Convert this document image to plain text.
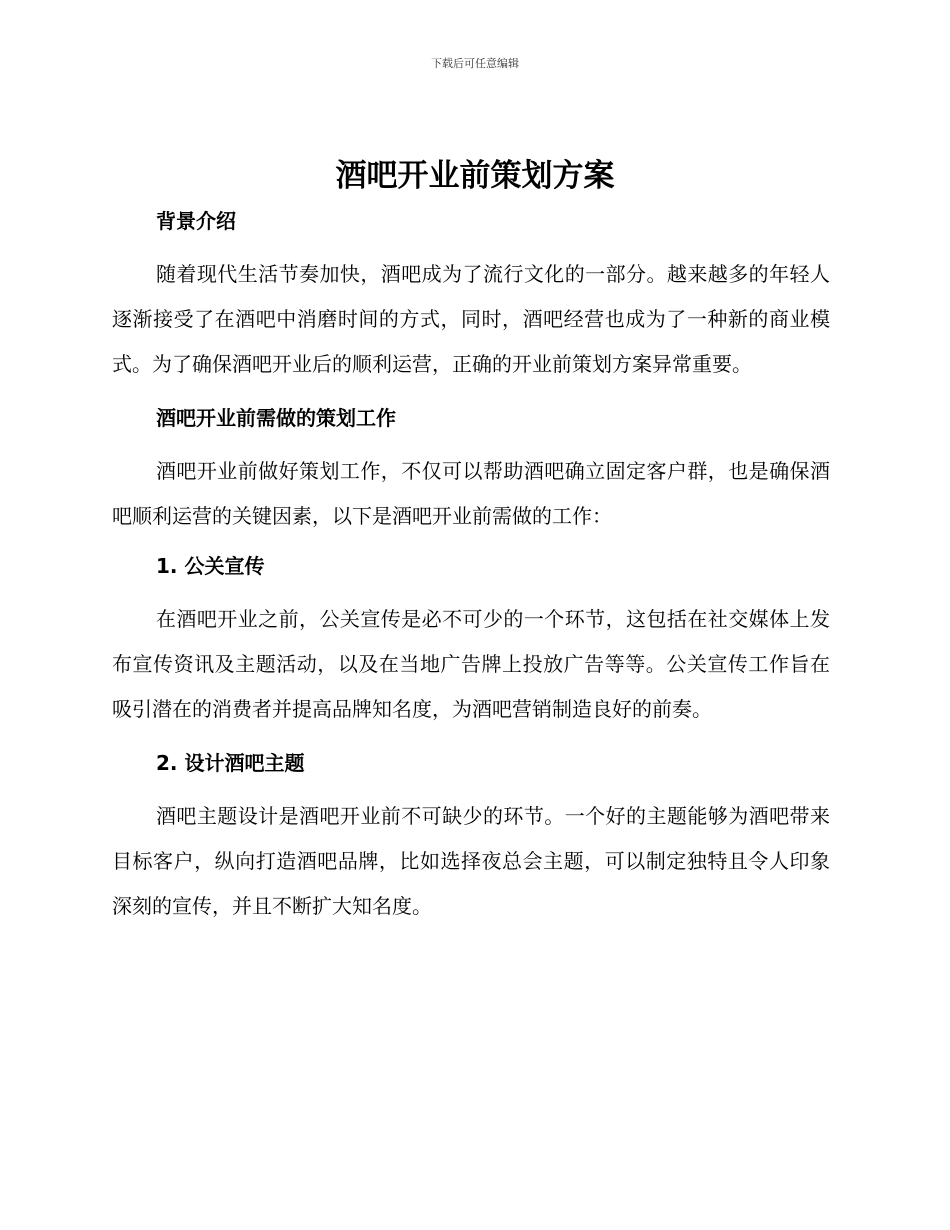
下载后可任意编辑
酒吧开业前策划方案
背景介绍

随着现代生活节奏加快，酒吧成为了流行文化的一部分。越来越多的年轻人逐渐接受了在酒吧中消磨时间的方式，同时，酒吧经营也成为了一种新的商业模式。为了确保酒吧开业后的顺利运营，正确的开业前策划方案异常重要。

酒吧开业前需做的策划工作

酒吧开业前做好策划工作，不仅可以帮助酒吧确立固定客户群，也是确保酒吧顺利运营的关键因素，以下是酒吧开业前需做的工作：

1. 公关宣传

在酒吧开业之前，公关宣传是必不可少的一个环节，这包括在社交媒体上发布宣传资讯及主题活动，以及在当地广告牌上投放广告等等。公关宣传工作旨在吸引潜在的消费者并提高品牌知名度，为酒吧营销制造良好的前奏。

2. 设计酒吧主题

酒吧主题设计是酒吧开业前不可缺少的环节。一个好的主题能够为酒吧带来目标客户，纵向打造酒吧品牌，比如选择夜总会主题，可以制定独特且令人印象深刻的宣传，并且不断扩大知名度。
